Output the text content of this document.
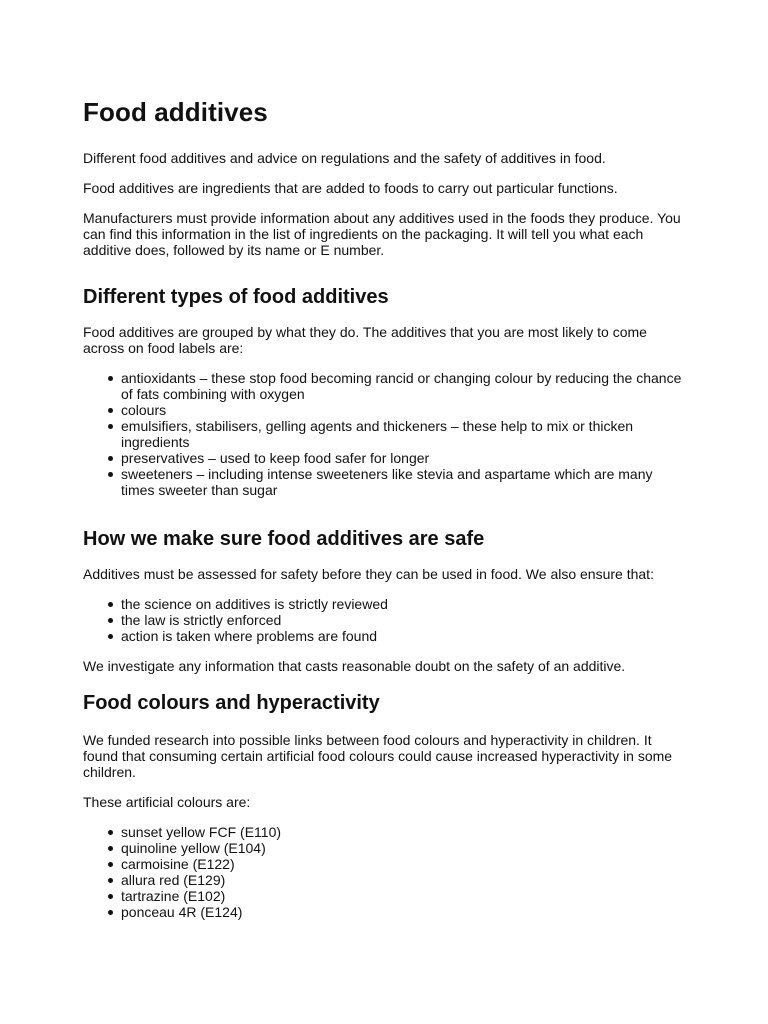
Food additives

Different food additives and advice on regulations and the safety of additives in food.

Food additives are ingredients that are added to foods to carry out particular functions.

Manufacturers must provide information about any additives used in the foods they produce. You can find this information in the list of ingredients on the packaging. It will tell you what each additive does, followed by its name or E number.

Different types of food additives

Food additives are grouped by what they do. The additives that you are most likely to come across on food labels are:

antioxidants – these stop food becoming rancid or changing colour by reducing the chance of fats combining with oxygen
colours
emulsifiers, stabilisers, gelling agents and thickeners – these help to mix or thicken ingredients
preservatives – used to keep food safer for longer
sweeteners – including intense sweeteners like stevia and aspartame which are many times sweeter than sugar
How we make sure food additives are safe

Additives must be assessed for safety before they can be used in food. We also ensure that:

the science on additives is strictly reviewed
the law is strictly enforced
action is taken where problems are found

We investigate any information that casts reasonable doubt on the safety of an additive.

Food colours and hyperactivity

We funded research into possible links between food colours and hyperactivity in children. It found that consuming certain artificial food colours could cause increased hyperactivity in some children.

These artificial colours are:

sunset yellow FCF (E110)
quinoline yellow (E104)
carmoisine (E122)
allura red (E129)
tartrazine (E102)
ponceau 4R (E124)
